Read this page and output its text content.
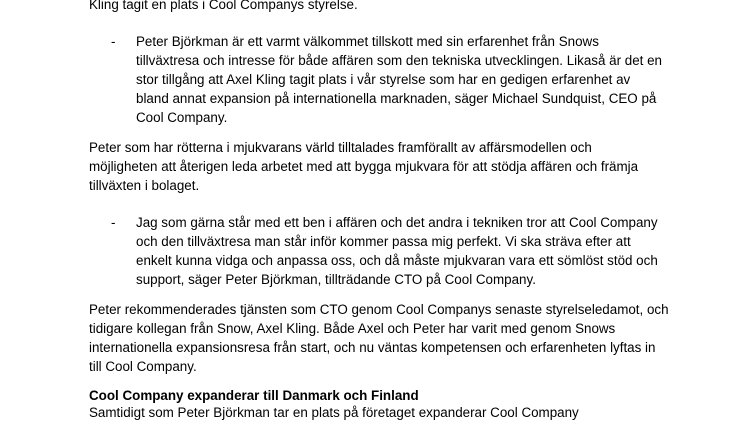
Kling tagit en plats i Cool Companys styrelse.
- Peter Björkman är ett varmt välkommet tillskott med sin erfarenhet från Snows
tillväxtresa och intresse för både affären som den tekniska utvecklingen. Likaså är det en
stor tillgång att Axel Kling tagit plats i vår styrelse som har en gedigen erfarenhet av
bland annat expansion på internationella marknaden, säger Michael Sundquist, CEO på
Cool Company.
Peter som har rötterna i mjukvarans värld tilltalades framförallt av affärsmodellen och
möjligheten att återigen leda arbetet med att bygga mjukvara för att stödja affären och främja
tillväxten i bolaget.
- Jag som gärna står med ett ben i affären och det andra i tekniken tror att Cool Company
och den tillväxtresa man står inför kommer passa mig perfekt. Vi ska sträva efter att
enkelt kunna vidga och anpassa oss, och då måste mjukvaran vara ett sömlöst stöd och
support, säger Peter Björkman, tillträdande CTO på Cool Company.
Peter rekommenderades tjänsten som CTO genom Cool Companys senaste styrelseledamot, och
tidigare kollegan från Snow, Axel Kling. Både Axel och Peter har varit med genom Snows
internationella expansionsresa från start, och nu väntas kompetensen och erfarenheten lyftas in
till Cool Company.
Cool Company expanderar till Danmark och Finland
Samtidigt som Peter Björkman tar en plats på företaget expanderar Cool Company
